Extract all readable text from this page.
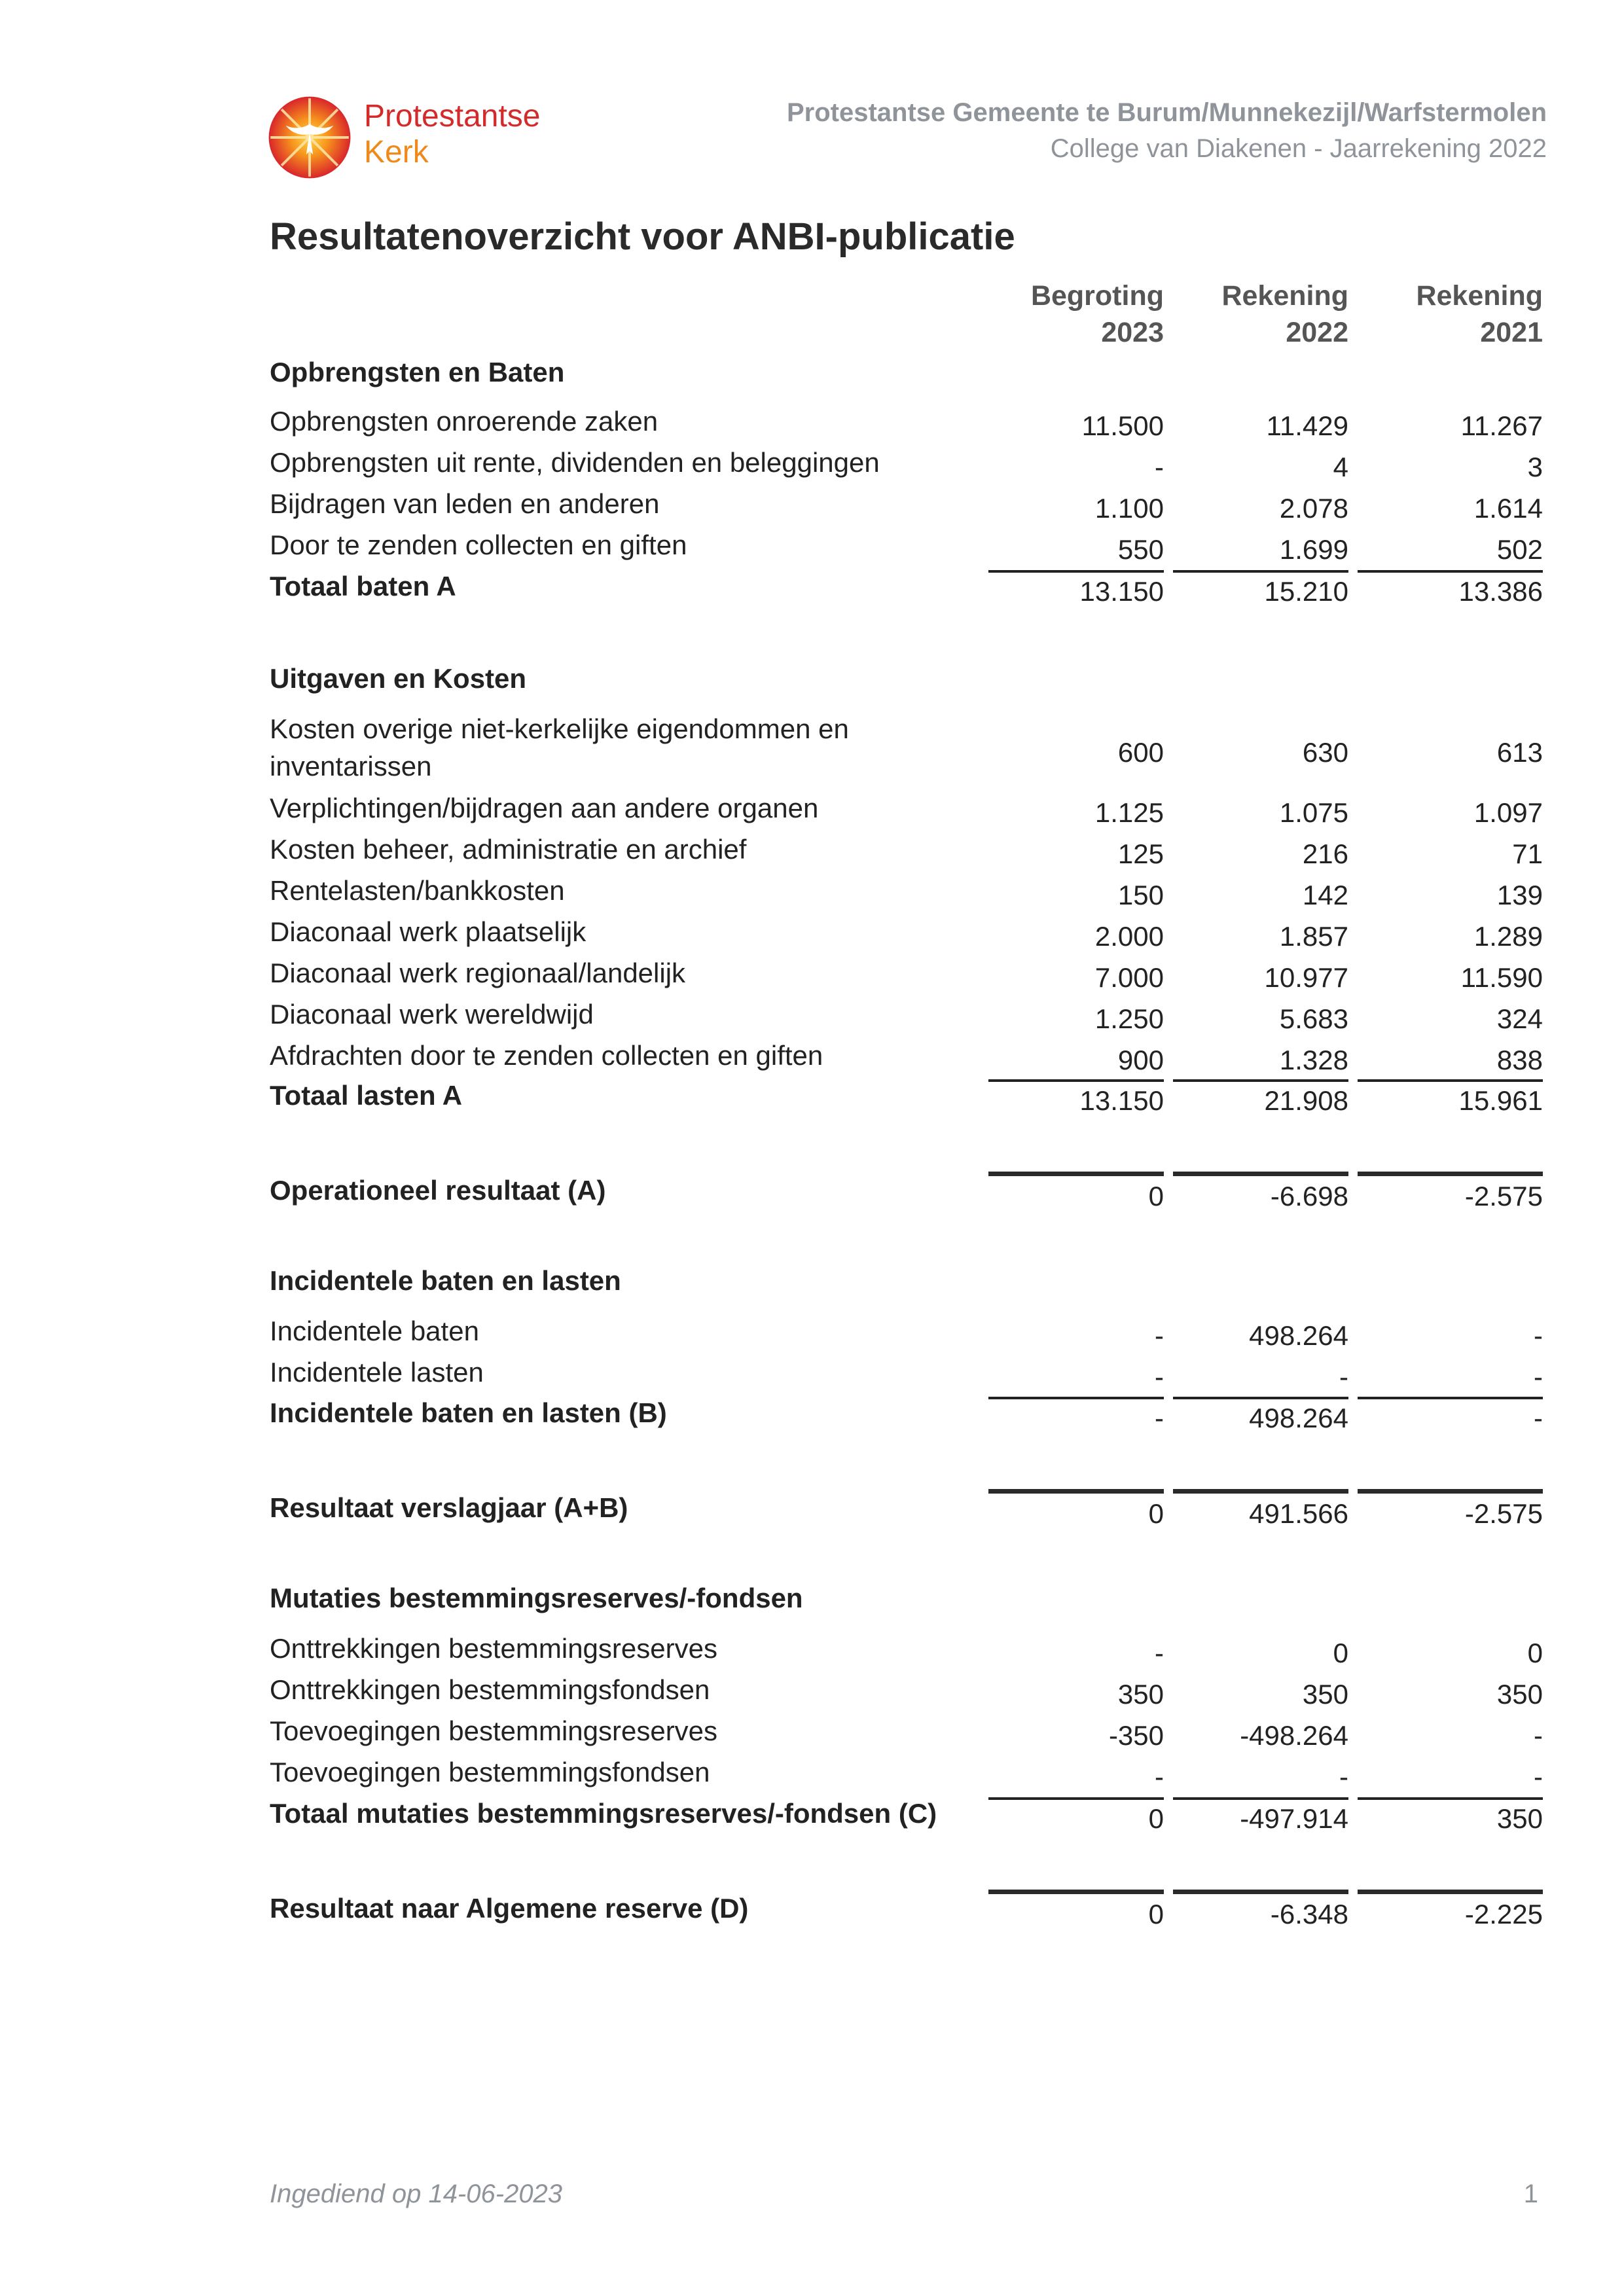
Protestantse
Kerk
Protestantse Gemeente te Burum/Munnekezijl/Warfstermolen
College van Diakenen - Jaarrekening 2022
Resultatenoverzicht voor ANBI-publicatie
Begroting
2023
Rekening
2022
Rekening
2021
Opbrengsten en Baten
Opbrengsten onroerende zaken	11.500	11.429	11.267
Opbrengsten uit rente, dividenden en beleggingen	-	4	3
Bijdragen van leden en anderen	1.100	2.078	1.614
Door te zenden collecten en giften	550	1.699	502
Totaal baten A	13.150	15.210	13.386
Uitgaven en Kosten
Kosten overige niet-kerkelijke eigendommen en
inventarissen	600	630	613
Verplichtingen/bijdragen aan andere organen	1.125	1.075	1.097
Kosten beheer, administratie en archief	125	216	71
Rentelasten/bankkosten	150	142	139
Diaconaal werk plaatselijk	2.000	1.857	1.289
Diaconaal werk regionaal/landelijk	7.000	10.977	11.590
Diaconaal werk wereldwijd	1.250	5.683	324
Afdrachten door te zenden collecten en giften	900	1.328	838
Totaal lasten A	13.150	21.908	15.961
Operationeel resultaat (A)	0	-6.698	-2.575
Incidentele baten en lasten
Incidentele baten	-	498.264	-
Incidentele lasten	-	-	-
Incidentele baten en lasten (B)	-	498.264	-
Resultaat verslagjaar (A+B)	0	491.566	-2.575
Mutaties bestemmingsreserves/-fondsen
Onttrekkingen bestemmingsreserves	-	0	0
Onttrekkingen bestemmingsfondsen	350	350	350
Toevoegingen bestemmingsreserves	-350	-498.264	-
Toevoegingen bestemmingsfondsen	-	-	-
Totaal mutaties bestemmingsreserves/-fondsen (C)	0	-497.914	350
Resultaat naar Algemene reserve (D)	0	-6.348	-2.225
Ingediend op 14-06-2023	1
